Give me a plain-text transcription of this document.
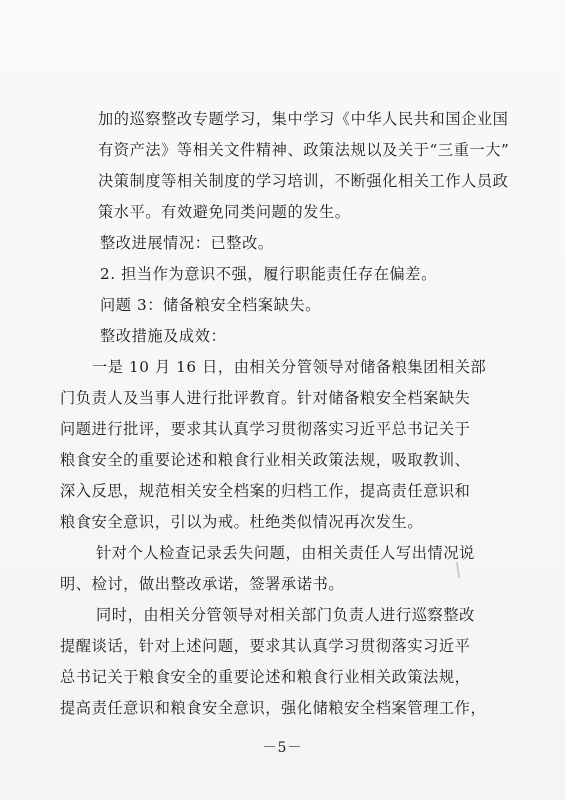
加的巡察整改专题学习，集中学习《中华人民共和国企业国
有资产法》等相关文件精神、政策法规以及关于“三重一大”
决策制度等相关制度的学习培训，不断强化相关工作人员政
策水平。有效避免同类问题的发生。
整改进展情况：已整改。
2. 担当作为意识不强，履行职能责任存在偏差。
问题 3：储备粮安全档案缺失。
整改措施及成效：
一是 10 月 16 日，由相关分管领导对储备粮集团相关部
门负责人及当事人进行批评教育。针对储备粮安全档案缺失
问题进行批评，要求其认真学习贯彻落实习近平总书记关于
粮食安全的重要论述和粮食行业相关政策法规，吸取教训、
深入反思，规范相关安全档案的归档工作，提高责任意识和
粮食安全意识，引以为戒。杜绝类似情况再次发生。
针对个人检查记录丢失问题，由相关责任人写出情况说
明、检讨，做出整改承诺，签署承诺书。
同时，由相关分管领导对相关部门负责人进行巡察整改
提醒谈话，针对上述问题，要求其认真学习贯彻落实习近平
总书记关于粮食安全的重要论述和粮食行业相关政策法规，
提高责任意识和粮食安全意识，强化储粮安全档案管理工作，
－5－
